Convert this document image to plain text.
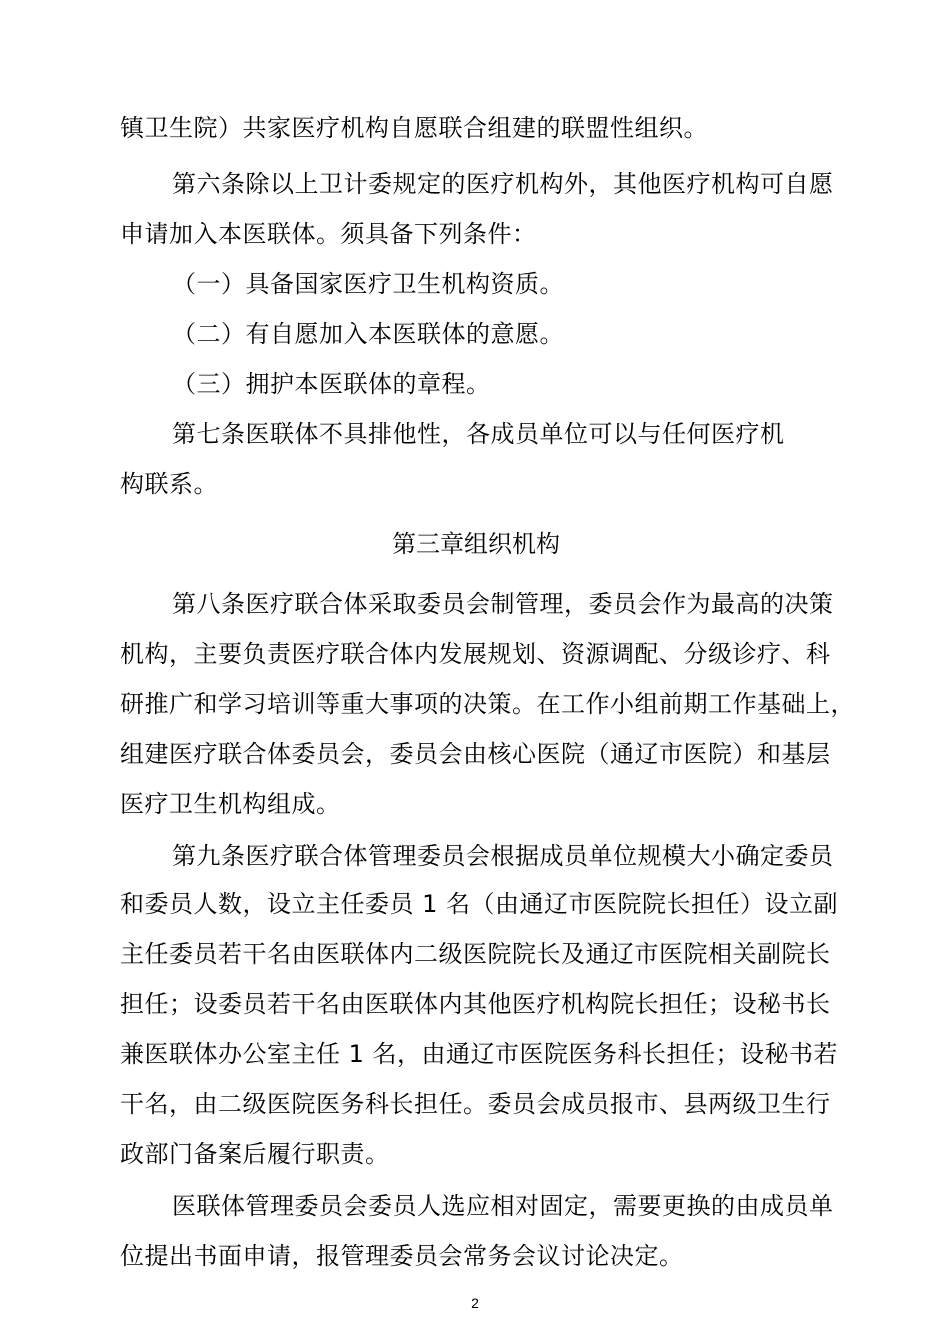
镇卫生院）共家医疗机构自愿联合组建的联盟性组织。
第六条除以上卫计委规定的医疗机构外，其他医疗机构可自愿
申请加入本医联体。须具备下列条件：
（一）具备国家医疗卫生机构资质。
（二）有自愿加入本医联体的意愿。
（三）拥护本医联体的章程。
第七条医联体不具排他性，各成员单位可以与任何医疗机
构联系。
第三章组织机构
第八条医疗联合体采取委员会制管理，委员会作为最高的决策
机构，主要负责医疗联合体内发展规划、资源调配、分级诊疗、科
研推广和学习培训等重大事项的决策。在工作小组前期工作基础上，
组建医疗联合体委员会，委员会由核心医院（通辽市医院）和基层
医疗卫生机构组成。
第九条医疗联合体管理委员会根据成员单位规模大小确定委员
和委员人数，设立主任委员 1 名（由通辽市医院院长担任）设立副
主任委员若干名由医联体内二级医院院长及通辽市医院相关副院长
担任；设委员若干名由医联体内其他医疗机构院长担任；设秘书长
兼医联体办公室主任 1 名，由通辽市医院医务科长担任；设秘书若
干名，由二级医院医务科长担任。委员会成员报市、县两级卫生行
政部门备案后履行职责。
医联体管理委员会委员人选应相对固定，需要更换的由成员单
位提出书面申请，报管理委员会常务会议讨论决定。
2
